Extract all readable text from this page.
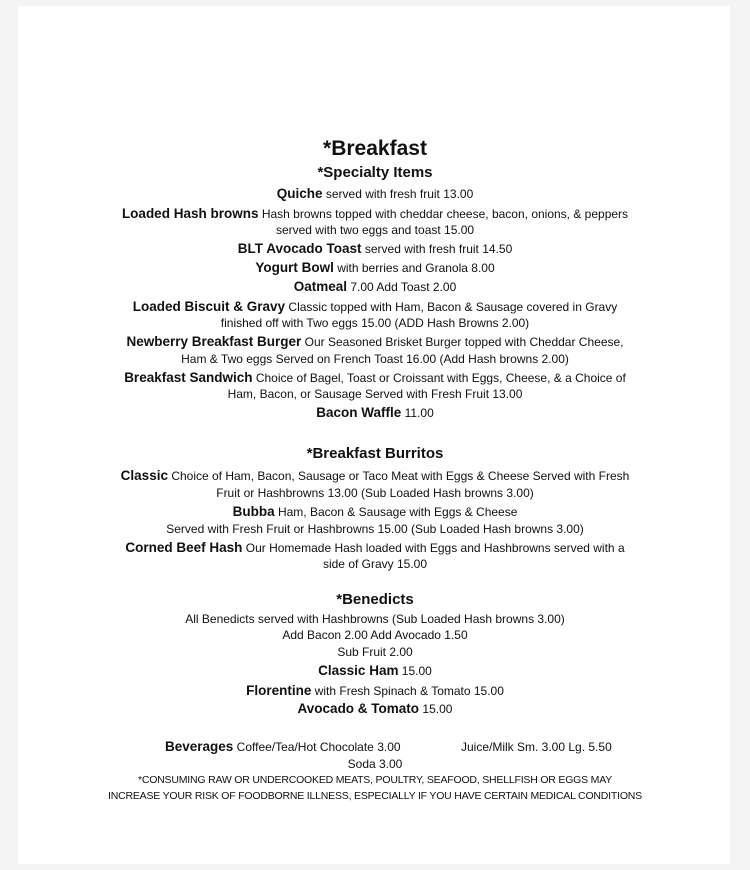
*Breakfast
*Specialty Items
Quiche served with fresh fruit 13.00
Loaded Hash browns Hash browns topped with cheddar cheese, bacon, onions, & peppers
served with two eggs and toast 15.00
BLT Avocado Toast served with fresh fruit 14.50
Yogurt Bowl with berries and Granola 8.00
Oatmeal 7.00 Add Toast 2.00
Loaded Biscuit & Gravy Classic topped with Ham, Bacon & Sausage covered in Gravy
finished off with Two eggs 15.00 (ADD Hash Browns 2.00)
Newberry Breakfast Burger Our Seasoned Brisket Burger topped with Cheddar Cheese,
Ham & Two eggs Served on French Toast 16.00 (Add Hash browns 2.00)
Breakfast Sandwich Choice of Bagel, Toast or Croissant with Eggs, Cheese, & a Choice of
Ham, Bacon, or Sausage Served with Fresh Fruit 13.00
Bacon Waffle 11.00
*Breakfast Burritos
Classic Choice of Ham, Bacon, Sausage or Taco Meat with Eggs & Cheese Served with Fresh
Fruit or Hashbrowns 13.00 (Sub Loaded Hash browns 3.00)
Bubba Ham, Bacon & Sausage with Eggs & Cheese
Served with Fresh Fruit or Hashbrowns 15.00 (Sub Loaded Hash browns 3.00)
Corned Beef Hash Our Homemade Hash loaded with Eggs and Hashbrowns served with a
side of Gravy 15.00
*Benedicts
All Benedicts served with Hashbrowns (Sub Loaded Hash browns 3.00)
Add Bacon 2.00 Add Avocado 1.50
Sub Fruit 2.00
Classic Ham 15.00
Florentine with Fresh Spinach & Tomato 15.00
Avocado & Tomato 15.00
Beverages Coffee/Tea/Hot Chocolate 3.00	Juice/Milk Sm. 3.00 Lg. 5.50
Soda 3.00
*CONSUMING RAW OR UNDERCOOKED MEATS, POULTRY, SEAFOOD, SHELLFISH OR EGGS MAY
INCREASE YOUR RISK OF FOODBORNE ILLNESS, ESPECIALLY IF YOU HAVE CERTAIN MEDICAL CONDITIONS
